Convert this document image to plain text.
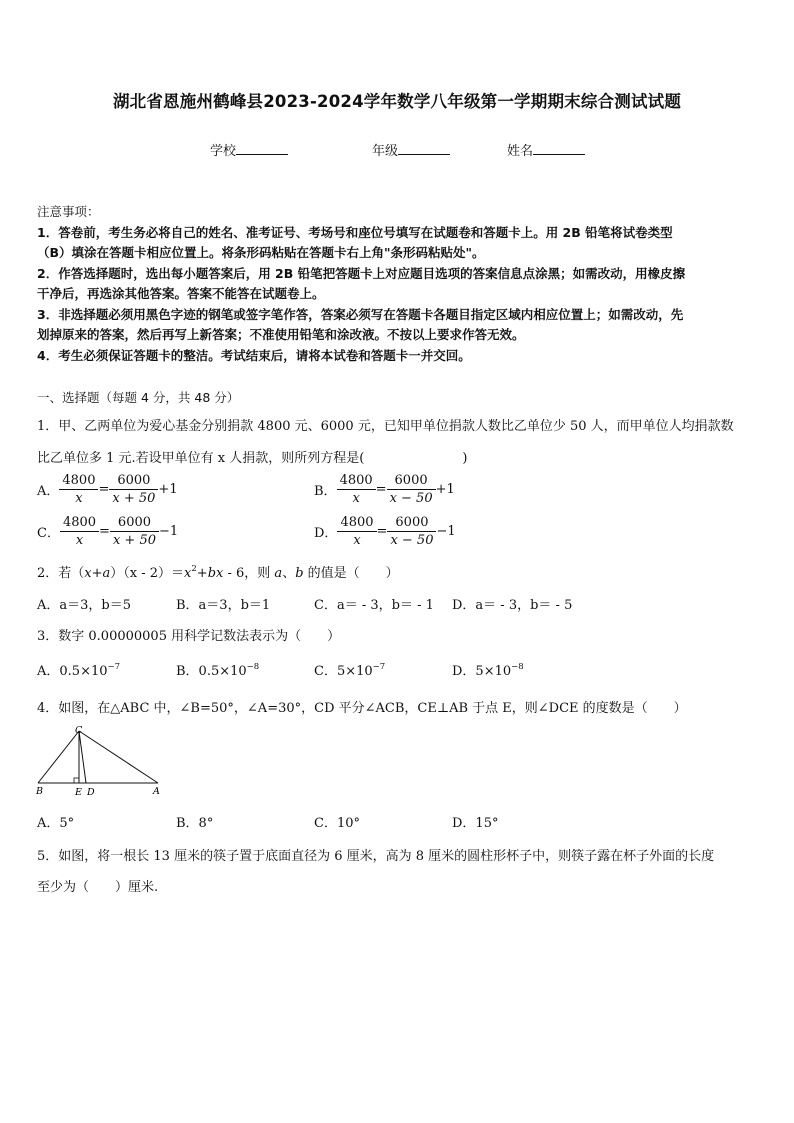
湖北省恩施州鹤峰县2023-2024学年数学八年级第一学期期末综合测试试题
学校	年级	姓名
注意事项：
1．答卷前，考生务必将自己的姓名、准考证号、考场号和座位号填写在试题卷和答题卡上。用 2B 铅笔将试卷类型
（B）填涂在答题卡相应位置上。将条形码粘贴在答题卡右上角"条形码粘贴处"。
2．作答选择题时，选出每小题答案后，用 2B 铅笔把答题卡上对应题目选项的答案信息点涂黑；如需改动，用橡皮擦
干净后，再选涂其他答案。答案不能答在试题卷上。
3．非选择题必须用黑色字迹的钢笔或签字笔作答，答案必须写在答题卡各题目指定区域内相应位置上；如需改动，先
划掉原来的答案，然后再写上新答案；不准使用铅笔和涂改液。不按以上要求作答无效。
4．考生必须保证答题卡的整洁。考试结束后，请将本试卷和答题卡一并交回。
一、选择题（每题 4 分，共 48 分）
1．甲、乙两单位为爱心基金分别捐款 4800 元、6000 元，已知甲单位捐款人数比乙单位少 50 人，而甲单位人均捐款数
比乙单位多 1 元.若设甲单位有 x 人捐款，则所列方程是(	)
A． $\frac{4800}{x} = \frac{6000}{x + 50} +1$	B． $\frac{4800}{x} = \frac{6000}{x - 50} +1$
C． $\frac{4800}{x} = \frac{6000}{x + 50} -1$	D． $\frac{4800}{x} = \frac{6000}{x - 50} -1$
2．若$(x+a)(x - 2)=x^2+bx - 6$，则 a、b 的值是（　　）
A．a＝3，b＝5	B．a＝3，b＝1	C．a＝ - 3，b＝ - 1 D．a＝ - 3，b＝ - 5
3．数字 0.00000005 用科学记数法表示为（　　）
A．$0.5\times 10^{-7}$	B．$0.5\times 10^{-8}$	C．$5\times 10^{-7}$	D．$5\times 10^{-8}$
4．如图，在△ABC 中，∠B=50°，∠A=30°，CD 平分∠ACB，CE⊥AB 于点 E，则∠DCE 的度数是（　　）
C
B	E D	A
A．5°	B．8°	C．10°	D．15°
5．如图，将一根长 13 厘米的筷子置于底面直径为 6 厘米，高为 8 厘米的圆柱形杯子中，则筷子露在杯子外面的长度
至少为（　　）厘米.
